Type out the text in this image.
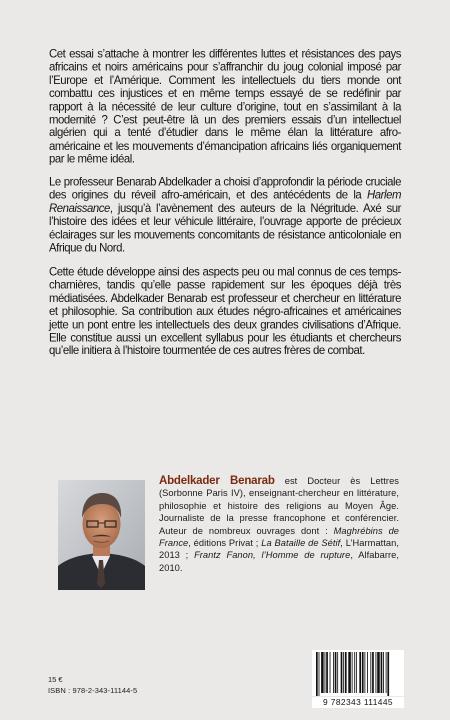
Cet essai s’attache à montrer les différentes luttes et résistances des pays africains et noirs américains pour s’affranchir du joug colonial imposé par l’Europe et l’Amérique. Comment les intellectuels du tiers monde ont combattu ces injustices et en même temps essayé de se redéfinir par rapport à la nécessité de leur culture d’origine, tout en s’assimilant à la modernité ? C’est peut-être là un des premiers essais d’un intellectuel algérien qui a tenté d’étudier dans le même élan la littérature afro-américaine et les mouvements d’émancipation africains liés organiquement par le même idéal.

Le professeur Benarab Abdelkader a choisi d’approfondir la période cruciale des origines du réveil afro-américain, et des antécédents de la Harlem Renaissance, jusqu’à l’avènement des auteurs de la Négritude. Axé sur l’histoire des idées et leur véhicule littéraire, l’ouvrage apporte de précieux éclairages sur les mouvements concomitants de résistance anticoloniale en Afrique du Nord.

Cette étude développe ainsi des aspects peu ou mal connus de ces temps-charnières, tandis qu’elle passe rapidement sur les époques déjà très médiatisées. Abdelkader Benarab est professeur et chercheur en littérature et philosophie. Sa contribution aux études négro-africaines et américaines jette un pont entre les intellectuels des deux grandes civilisations d’Afrique. Elle constitue aussi un excellent syllabus pour les étudiants et chercheurs qu’elle initiera à l’histoire tourmentée de ces autres frères de combat.

Abdelkader Benarab est Docteur ès Lettres (Sorbonne Paris IV), enseignant-chercheur en littérature, philosophie et histoire des religions au Moyen Âge. Journaliste de la presse francophone et conférencier. Auteur de nombreux ouvrages dont : Maghrébins de France, éditions Privat ; La Bataille de Sétif, L’Harmattan, 2013 ; Frantz Fanon, l’Homme de rupture, Alfabarre, 2010.
15 €
ISBN : 978-2-343-11144-5
9 782343 111445
